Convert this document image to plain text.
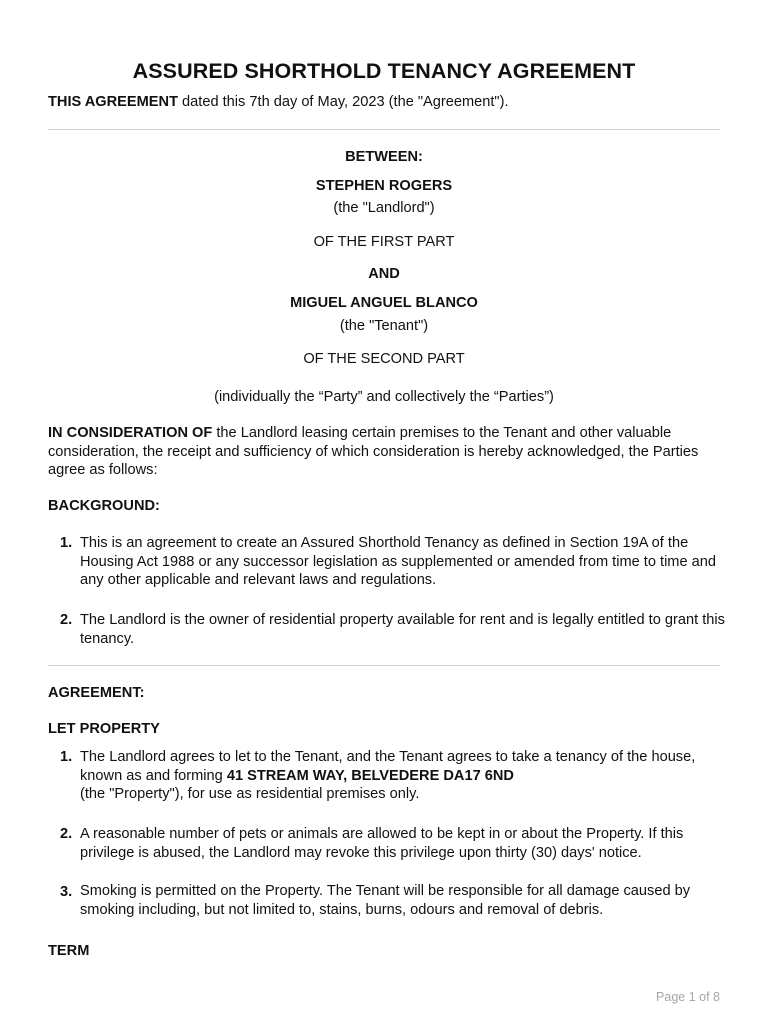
ASSURED SHORTHOLD TENANCY AGREEMENT
THIS AGREEMENT dated this 7th day of May, 2023 (the "Agreement").
BETWEEN:
STEPHEN ROGERS
(the "Landlord")
OF THE FIRST PART
AND
MIGUEL ANGUEL BLANCO
(the "Tenant")
OF THE SECOND PART
(individually the “Party” and collectively the “Parties”)
IN CONSIDERATION OF the Landlord leasing certain premises to the Tenant and other valuable consideration, the receipt and sufficiency of which consideration is hereby acknowledged, the Parties agree as follows:
BACKGROUND:
1. This is an agreement to create an Assured Shorthold Tenancy as defined in Section 19A of the Housing Act 1988 or any successor legislation as supplemented or amended from time to time and any other applicable and relevant laws and regulations.
2. The Landlord is the owner of residential property available for rent and is legally entitled to grant this tenancy.
AGREEMENT:
LET PROPERTY
1. The Landlord agrees to let to the Tenant, and the Tenant agrees to take a tenancy of the house, known as and forming 41 STREAM WAY, BELVEDERE DA17 6ND
(the "Property"), for use as residential premises only.
2. A reasonable number of pets or animals are allowed to be kept in or about the Property. If this privilege is abused, the Landlord may revoke this privilege upon thirty (30) days' notice.
3. Smoking is permitted on the Property. The Tenant will be responsible for all damage caused by smoking including, but not limited to, stains, burns, odours and removal of debris.
TERM
Page 1 of 8
